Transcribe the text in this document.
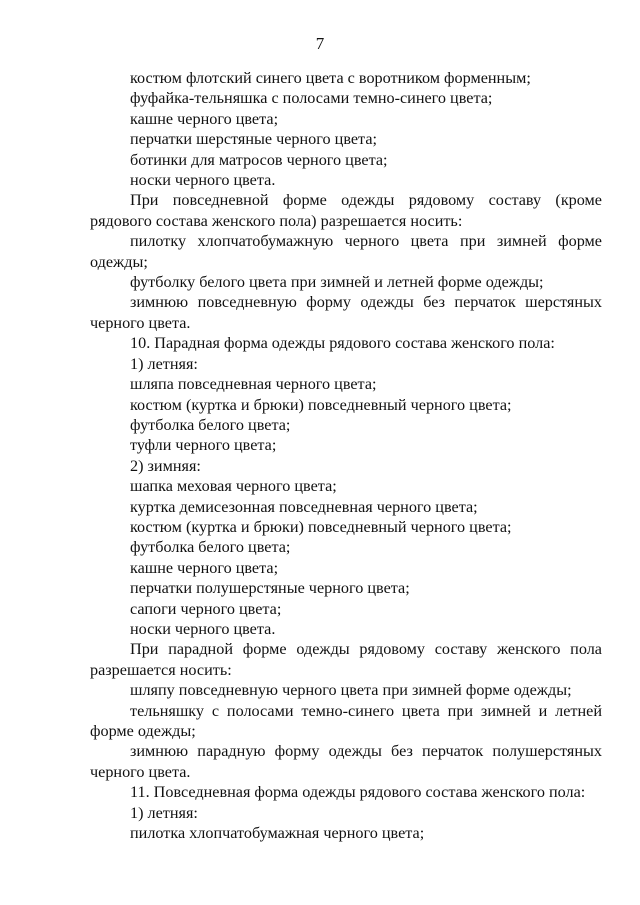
7

костюм флотский синего цвета с воротником форменным;

фуфайка-тельняшка с полосами темно-синего цвета;

кашне черного цвета;

перчатки шерстяные черного цвета;

ботинки для матросов черного цвета;

носки черного цвета.

При повседневной форме одежды рядовому составу (кроме рядового состава женского пола) разрешается носить:

пилотку хлопчатобумажную черного цвета при зимней форме одежды;

футболку белого цвета при зимней и летней форме одежды;

зимнюю повседневную форму одежды без перчаток шерстяных черного цвета.

10. Парадная форма одежды рядового состава женского пола:

1) летняя:

шляпа повседневная черного цвета;

костюм (куртка и брюки) повседневный черного цвета;

футболка белого цвета;

туфли черного цвета;

2) зимняя:

шапка меховая черного цвета;

куртка демисезонная повседневная черного цвета;

костюм (куртка и брюки) повседневный черного цвета;

футболка белого цвета;

кашне черного цвета;

перчатки полушерстяные черного цвета;

сапоги черного цвета;

носки черного цвета.

При парадной форме одежды рядовому составу женского пола разрешается носить:

шляпу повседневную черного цвета при зимней форме одежды;

тельняшку с полосами темно-синего цвета при зимней и летней форме одежды;

зимнюю парадную форму одежды без перчаток полушерстяных черного цвета.

11. Повседневная форма одежды рядового состава женского пола:

1) летняя:

пилотка хлопчатобумажная черного цвета;
